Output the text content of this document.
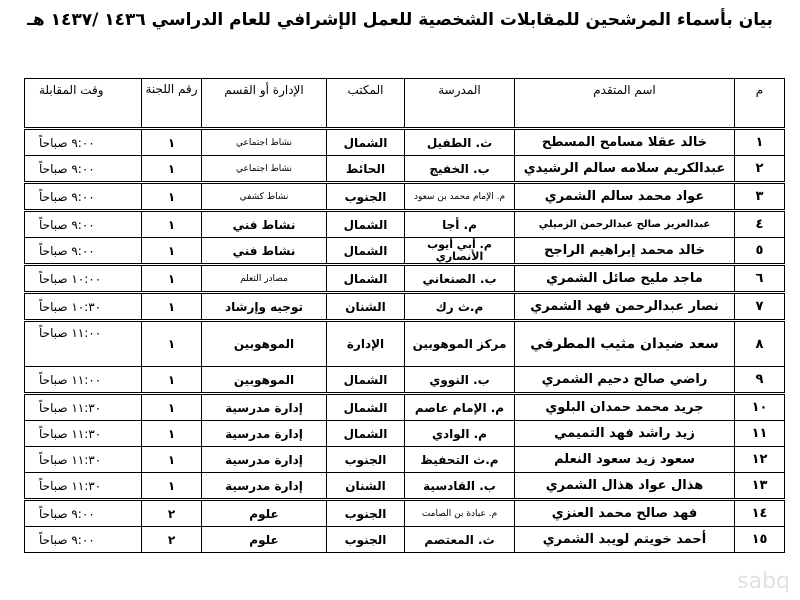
بيان بأسماء المرشحين للمقابلات الشخصية للعمل الإشرافي للعام الدراسي ١٤٣٦ /١٤٣٧ هـ
م	اسم المتقدم	المدرسة	المكتب	الإدارة أو القسم	رقم اللجنة	وقت المقابلة
١	خالد عقلا مسامح المسطح	ث. الطفيل	الشمال	نشاط اجتماعي	١	٩:٠٠ صباحاً
٢	عبدالكريم سلامه سالم الرشيدي	ب. الخفيج	الحائط	نشاط اجتماعي	١	٩:٠٠ صباحاً
٣	عواد محمد سالم الشمري	م. الإمام محمد بن سعود	الجنوب	نشاط كشفي	١	٩:٠٠ صباحاً
٤	عبدالعزيز صالح عبدالرحمن الزميلي	م. أجا	الشمال	نشاط فني	١	٩:٠٠ صباحاً
٥	خالد محمد إبراهيم الراجح	م. أبي أيوب الأنصاري	الشمال	نشاط فني	١	٩:٠٠ صباحاً
٦	ماجد مليح صائل الشمري	ب. الصنعاني	الشمال	مصادر التعلم	١	١٠:٠٠ صباحاً
٧	نصار عبدالرحمن فهد الشمري	م.ث رك	الشنان	توجيه وإرشاد	١	١٠:٣٠ صباحاً
٨	سعد ضيدان مثيب المطرفي	مركز الموهوبين	الإدارة	الموهوبين	١	١١:٠٠ صباحاً
٩	راضي صالح دحيم الشمري	ب. النووي	الشمال	الموهوبين	١	١١:٠٠ صباحاً
١٠	جريد محمد حمدان البلوي	م. الإمام عاصم	الشمال	إدارة مدرسية	١	١١:٣٠ صباحاً
١١	زيد راشد فهد التميمي	م. الوادي	الشمال	إدارة مدرسية	١	١١:٣٠ صباحاً
١٢	سعود زيد سعود النعلم	م.ث التحفيظ	الجنوب	إدارة مدرسية	١	١١:٣٠ صباحاً
١٣	هذال عواد هذال الشمري	ب. القادسية	الشنان	إدارة مدرسية	١	١١:٣٠ صباحاً
١٤	فهد صالح محمد العنزي	م. عبادة بن الصامت	الجنوب	علوم	٢	٩:٠٠ صباحاً
١٥	أحمد خويتم لويبد الشمري	ث. المعتصم	الجنوب	علوم	٢	٩:٠٠ صباحاً
sabq
